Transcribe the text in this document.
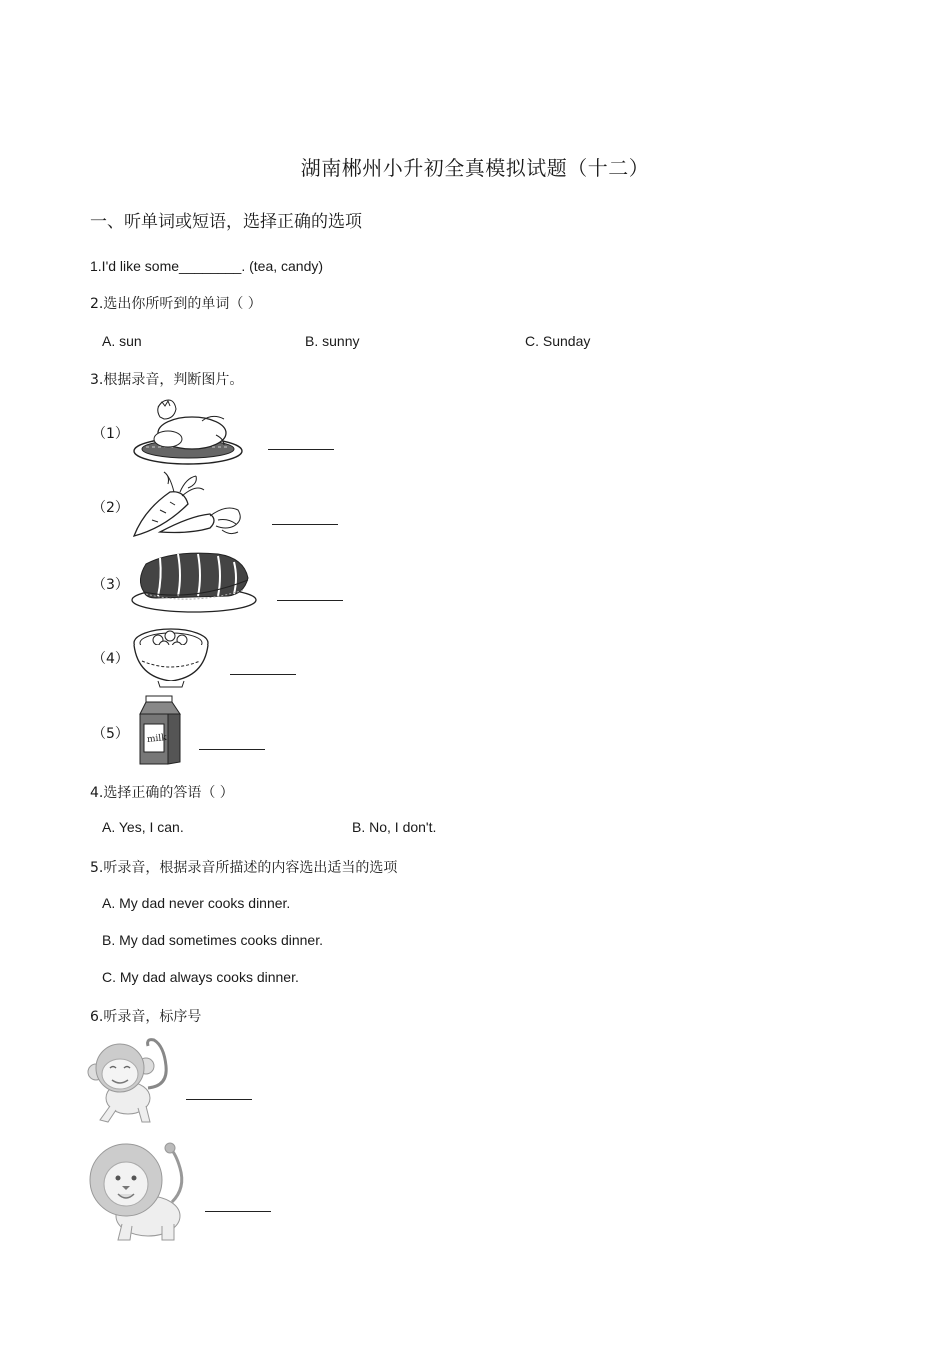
湖南郴州小升初全真模拟试题（十二）
一、听单词或短语，选择正确的选项
1.I'd like some________. (tea, candy)
2.选出你所听到的单词（ ）
A. sun	B. sunny	C. Sunday
3.根据录音，判断图片。
（1）
（2）
（3）
（4）
（5） milk
4.选择正确的答语（ ）
A. Yes, I can.	B. No, I don't.
5.听录音，根据录音所描述的内容选出适当的选项
A. My dad never cooks dinner.
B. My dad sometimes cooks dinner.
C. My dad always cooks dinner.
6.听录音，标序号
